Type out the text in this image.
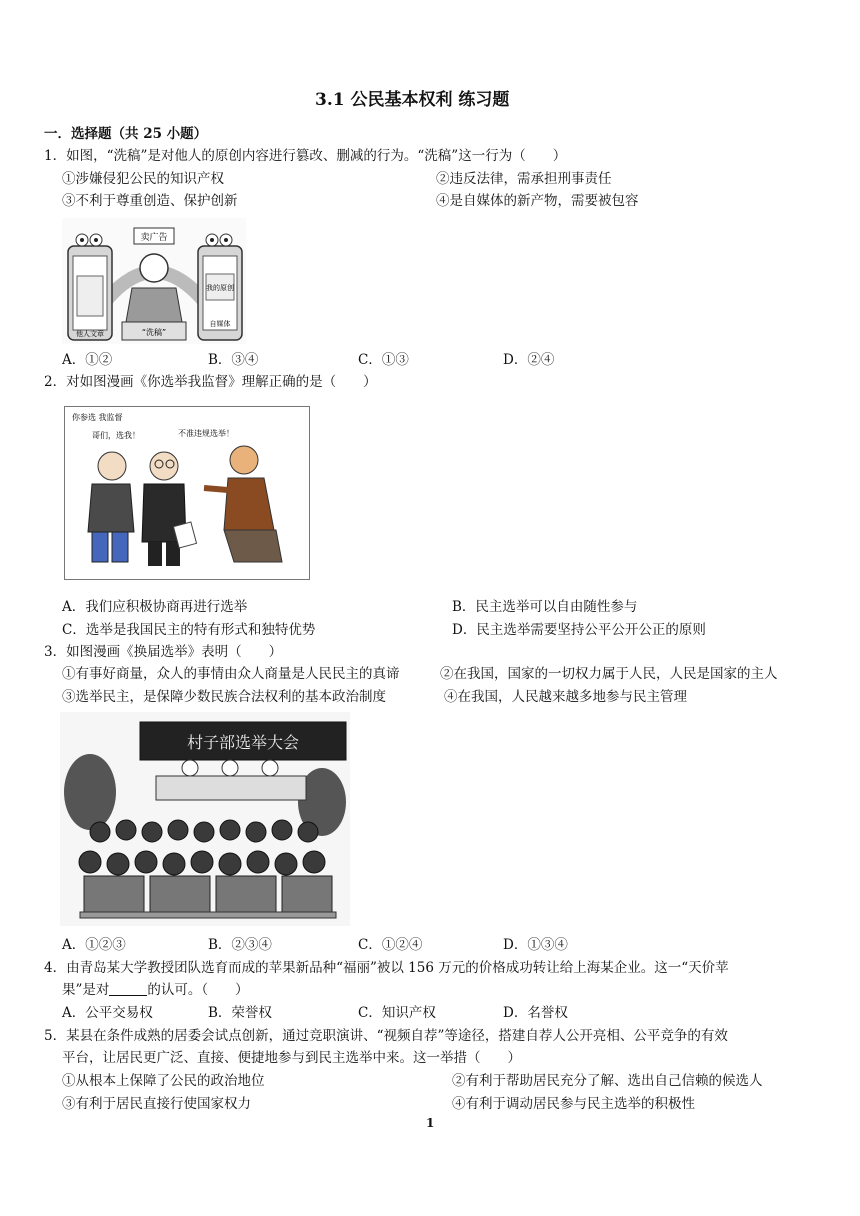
3.1 公民基本权利 练习题
一．选择题（共 25 小题）
1．如图，“洗稿”是对他人的原创内容进行篡改、删减的行为。“洗稿”这一行为（　　）
①涉嫌侵犯公民的知识产权	②违反法律，需承担刑事责任
③不利于尊重创造、保护创新	④是自媒体的新产物，需要被包容
卖广告
他人文章
我的原创
自媒体
“洗稿”
A．①②	B．③④	C．①③	D．②④
2．对如图漫画《你选举我监督》理解正确的是（　　）
你参选 我监督
哥们，选我！	不准违规选举！
A．我们应积极协商再进行选举	B．民主选举可以自由随性参与
C．选举是我国民主的特有形式和独特优势	D．民主选举需要坚持公平公开公正的原则
3．如图漫画《换届选举》表明（　　）
①有事好商量，众人的事情由众人商量是人民民主的真谛	②在我国，国家的一切权力属于人民，人民是国家的主人
③选举民主，是保障少数民族合法权利的基本政治制度	④在我国，人民越来越多地参与民主管理
村子部选举大会
A．①②③	B．②③④	C．①②④	D．①③④
4．由青岛某大学教授团队选育而成的苹果新品种“福丽”被以 156 万元的价格成功转让给上海某企业。这一“天价苹
果”是对	的认可。（　　）
A．公平交易权	B．荣誉权	C．知识产权	D．名誉权
5．某县在条件成熟的居委会试点创新，通过竞职演讲、“视频自荐”等途径，搭建自荐人公开亮相、公平竞争的有效
平台，让居民更广泛、直接、便捷地参与到民主选举中来。这一举措（　　）
①从根本上保障了公民的政治地位	②有利于帮助居民充分了解、选出自己信赖的候选人
③有利于居民直接行使国家权力	④有利于调动居民参与民主选举的积极性
1
